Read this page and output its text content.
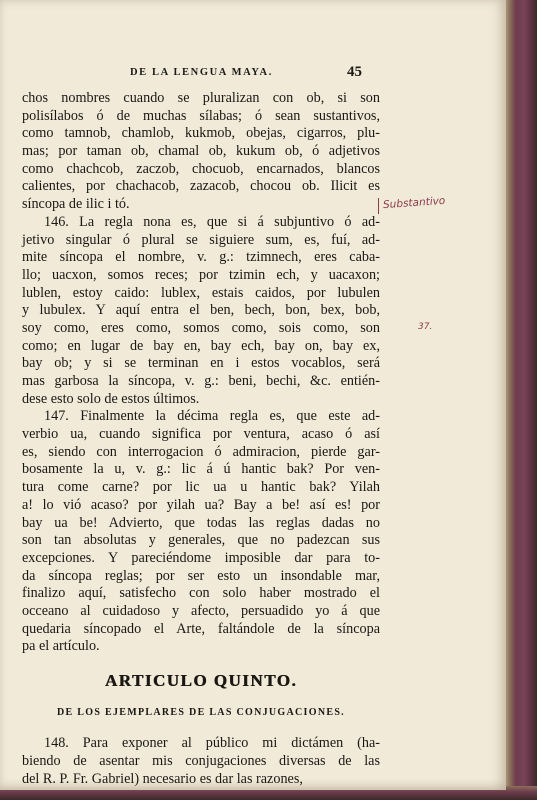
DE LA LENGUA MAYA.	45
chos nombres cuando se pluralizan con ob, si son
polisílabos ó de muchas sílabas; ó sean sustantivos,
como tamnob, chamlob, kukmob, obejas, cigarros, plu-
mas; por taman ob, chamal ob, kukum ob, ó adjetivos
como chachcob, zaczob, chocuob, encarnados, blancos
calientes, por chachacob, zazacob, chocou ob. Ilicit es
síncopa de ilic i tó.
146. La regla nona es, que si á subjuntivo ó ad-
jetivo singular ó plural se siguiere sum, es, fuí, ad-
mite síncopa el nombre, v. g.: tzimnech, eres caba-
llo; uacxon, somos reces; por tzimin ech, y uacaxon;
lublen, estoy caido: lublex, estais caidos, por lubulen
y lubulex. Y aquí entra el ben, bech, bon, bex, bob,
soy como, eres como, somos como, sois como, son
como; en lugar de bay en, bay ech, bay on, bay ex,
bay ob; y si se terminan en i estos vocablos, será
mas garbosa la síncopa, v. g.: beni, bechi, &c. entién-
dese esto solo de estos últimos.
147. Finalmente la décima regla es, que este ad-
verbio ua, cuando significa por ventura, acaso ó así
es, siendo con interrogacion ó admiracion, pierde gar-
bosamente la u, v. g.: lic á ú hantic bak? Por ven-
tura come carne? por lic ua u hantic bak? Yilah
a! lo vió acaso? por yilah ua? Bay a be! así es! por
bay ua be! Advierto, que todas las reglas dadas no
son tan absolutas y generales, que no padezcan sus
excepciones. Y pareciéndome imposible dar para to-
da síncopa reglas; por ser esto un insondable mar,
finalizo aquí, satisfecho con solo haber mostrado el
occeano al cuidadoso y afecto, persuadido yo á que
quedaria síncopado el Arte, faltándole de la síncopa
pa el artículo.
ARTICULO QUINTO.
DE LOS EJEMPLARES DE LAS CONJUGACIONES.
148. Para exponer al público mi dictámen (ha-
biendo de asentar mis conjugaciones diversas de las
del R. P. Fr. Gabriel) necesario es dar las razones,
Substantivo
37.
